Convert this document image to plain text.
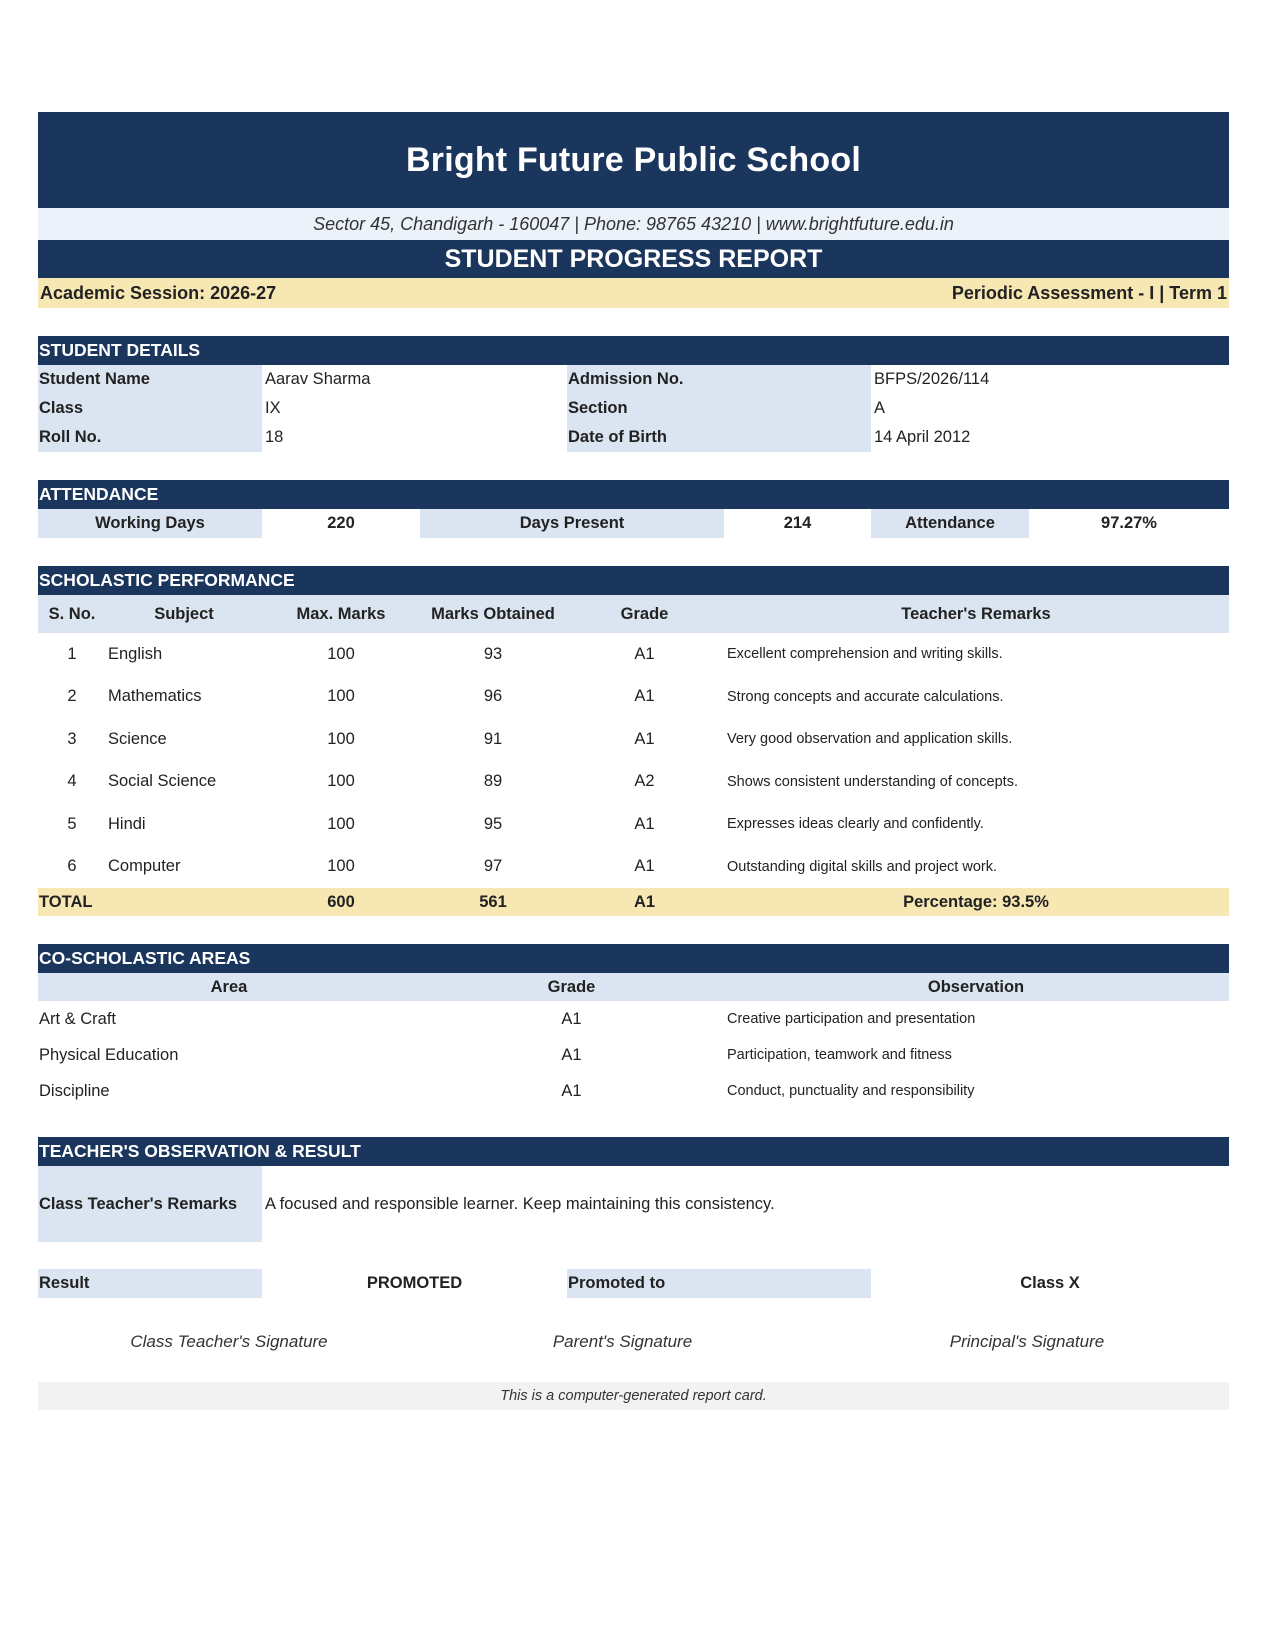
Bright Future Public School
Sector 45, Chandigarh - 160047 | Phone: 98765 43210 | www.brightfuture.edu.in
STUDENT PROGRESS REPORT
Academic Session: 2026-27	Periodic Assessment - I | Term 1
STUDENT DETAILS
Student Name	Aarav Sharma	Admission No.	BFPS/2026/114
Class	IX	Section	A
Roll No.	18	Date of Birth	14 April 2012
ATTENDANCE
Working Days	220	Days Present	214	Attendance	97.27%
SCHOLASTIC PERFORMANCE
S. No.	Subject	Max. Marks	Marks Obtained	Grade	Teacher's Remarks
1	English	100	93	A1	Excellent comprehension and writing skills.
2	Mathematics	100	96	A1	Strong concepts and accurate calculations.
3	Science	100	91	A1	Very good observation and application skills.
4	Social Science	100	89	A2	Shows consistent understanding of concepts.
5	Hindi	100	95	A1	Expresses ideas clearly and confidently.
6	Computer	100	97	A1	Outstanding digital skills and project work.
TOTAL	600	561	A1	Percentage: 93.5%
CO-SCHOLASTIC AREAS
Area	Grade	Observation
Art & Craft	A1	Creative participation and presentation
Physical Education	A1	Participation, teamwork and fitness
Discipline	A1	Conduct, punctuality and responsibility
TEACHER'S OBSERVATION & RESULT
Class Teacher's Remarks	A focused and responsible learner. Keep maintaining this consistency.
Result	PROMOTED	Promoted to	Class X
Class Teacher's Signature	Parent's Signature	Principal's Signature
This is a computer-generated report card.
